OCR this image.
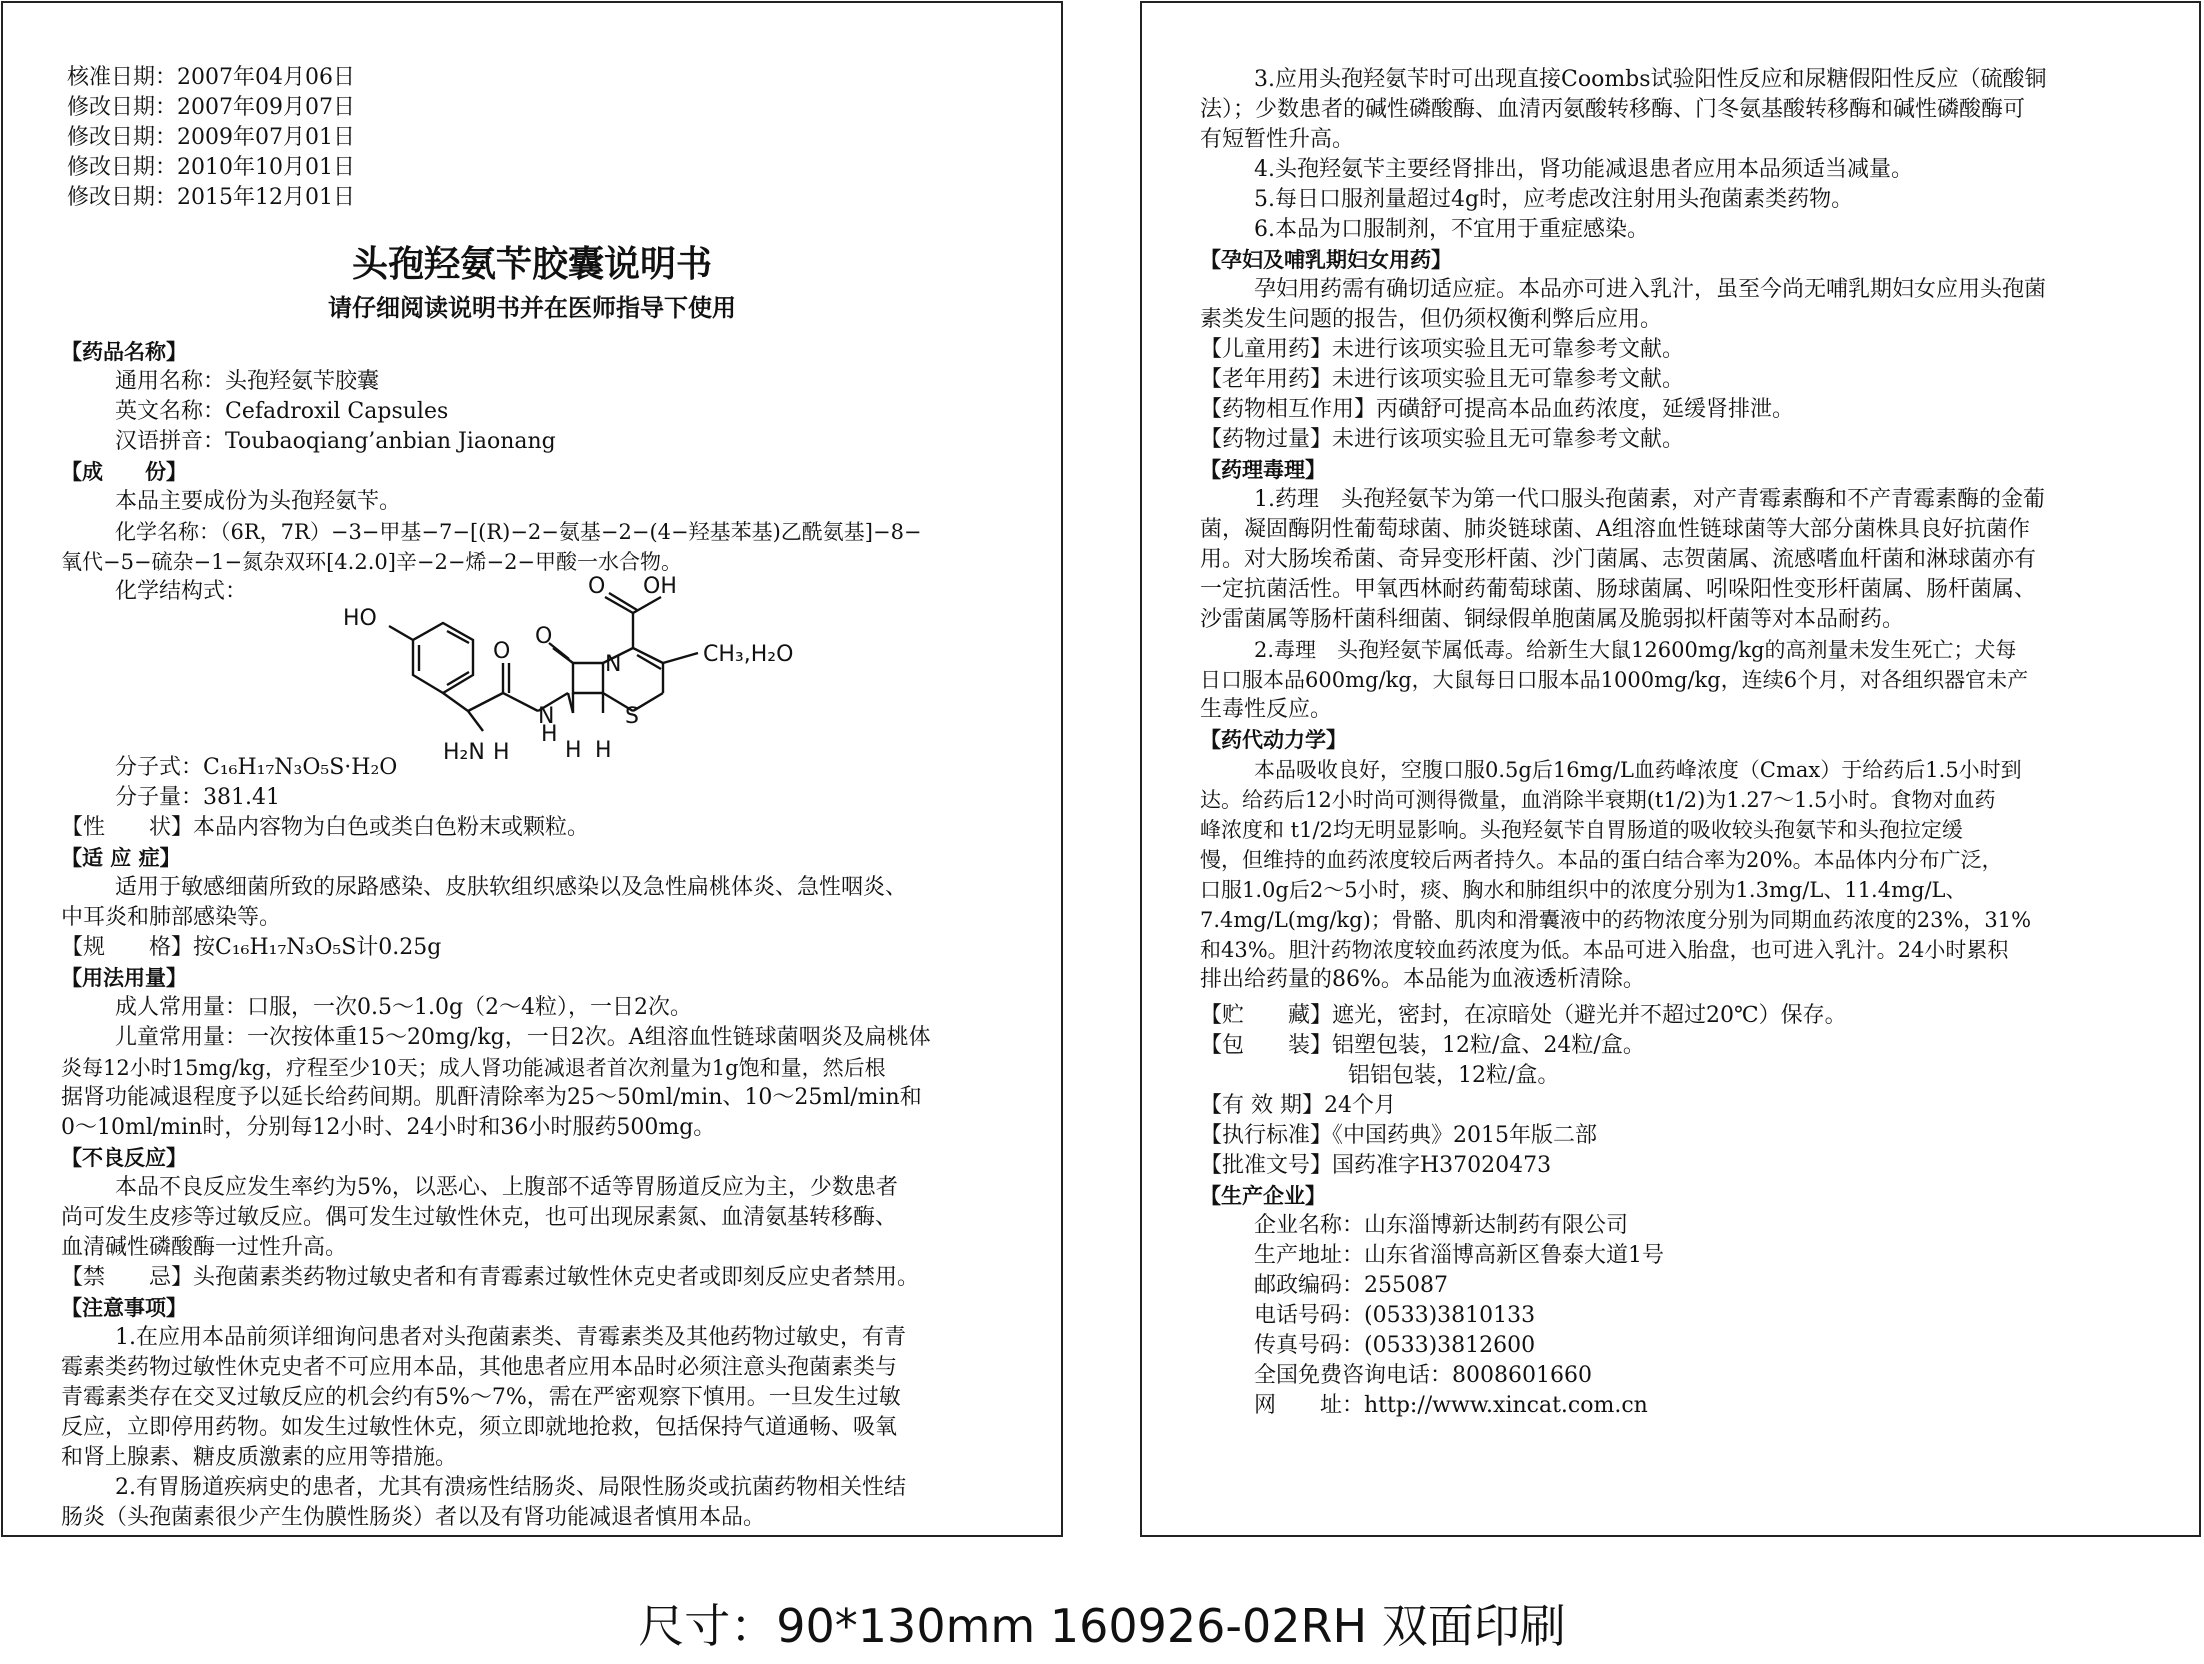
核准日期：2007年04月06日
修改日期：2007年09月07日
修改日期：2009年07月01日
修改日期：2010年10月01日
修改日期：2015年12月01日
头孢羟氨苄胶囊说明书
请仔细阅读说明书并在医师指导下使用
【药品名称】
通用名称：头孢羟氨苄胶囊
英文名称：Cefadroxil Capsules
汉语拼音：Toubaoqiang’anbian Jiaonang
【成　　份】
本品主要成份为头孢羟氨苄。
化学名称：（6R，7R）−3−甲基−7−[(R)−2−氨基−2−(4−羟基苯基)乙酰氨基]−8−
氧代−5−硫杂−1−氮杂双环[4.2.0]辛−2−烯−2−甲酸一水合物。
化学结构式：
HO
O OH
CH₃,H₂O
H₂N H
H
N
O
O
N
S
H H
分子式：C₁₆H₁₇N₃O₅S·H₂O
分子量：381.41
【性　　状】本品内容物为白色或类白色粉末或颗粒。
【适 应 症】
适用于敏感细菌所致的尿路感染、皮肤软组织感染以及急性扁桃体炎、急性咽炎、
中耳炎和肺部感染等。
【规　　格】按C₁₆H₁₇N₃O₅S计0.25g
【用法用量】
成人常用量：口服，一次0.5～1.0g（2～4粒），一日2次。
儿童常用量：一次按体重15～20mg/kg，一日2次。A组溶血性链球菌咽炎及扁桃体
炎每12小时15mg/kg，疗程至少10天；成人肾功能减退者首次剂量为1g饱和量，然后根
据肾功能减退程度予以延长给药间期。肌酐清除率为25～50ml/min、10～25ml/min和
0～10ml/min时，分别每12小时、24小时和36小时服药500mg。
【不良反应】
本品不良反应发生率约为5%，以恶心、上腹部不适等胃肠道反应为主，少数患者
尚可发生皮疹等过敏反应。偶可发生过敏性休克，也可出现尿素氮、血清氨基转移酶、
血清碱性磷酸酶一过性升高。
【禁　　忌】头孢菌素类药物过敏史者和有青霉素过敏性休克史者或即刻反应史者禁用。
【注意事项】
1.在应用本品前须详细询问患者对头孢菌素类、青霉素类及其他药物过敏史，有青
霉素类药物过敏性休克史者不可应用本品，其他患者应用本品时必须注意头孢菌素类与
青霉素类存在交叉过敏反应的机会约有5%～7%，需在严密观察下慎用。一旦发生过敏
反应，立即停用药物。如发生过敏性休克，须立即就地抢救，包括保持气道通畅、吸氧
和肾上腺素、糖皮质激素的应用等措施。
2.有胃肠道疾病史的患者，尤其有溃疡性结肠炎、局限性肠炎或抗菌药物相关性结
肠炎（头孢菌素很少产生伪膜性肠炎）者以及有肾功能减退者慎用本品。
3.应用头孢羟氨苄时可出现直接Coombs试验阳性反应和尿糖假阳性反应（硫酸铜
法）；少数患者的碱性磷酸酶、血清丙氨酸转移酶、门冬氨基酸转移酶和碱性磷酸酶可
有短暂性升高。
4.头孢羟氨苄主要经肾排出，肾功能减退患者应用本品须适当减量。
5.每日口服剂量超过4g时，应考虑改注射用头孢菌素类药物。
6.本品为口服制剂，不宜用于重症感染。
【孕妇及哺乳期妇女用药】
孕妇用药需有确切适应症。本品亦可进入乳汁，虽至今尚无哺乳期妇女应用头孢菌
素类发生问题的报告，但仍须权衡利弊后应用。
【儿童用药】未进行该项实验且无可靠参考文献。
【老年用药】未进行该项实验且无可靠参考文献。
【药物相互作用】丙磺舒可提高本品血药浓度，延缓肾排泄。
【药物过量】未进行该项实验且无可靠参考文献。
【药理毒理】
1.药理　头孢羟氨苄为第一代口服头孢菌素，对产青霉素酶和不产青霉素酶的金葡
菌，凝固酶阴性葡萄球菌、肺炎链球菌、A组溶血性链球菌等大部分菌株具良好抗菌作
用。对大肠埃希菌、奇异变形杆菌、沙门菌属、志贺菌属、流感嗜血杆菌和淋球菌亦有
一定抗菌活性。甲氧西林耐药葡萄球菌、肠球菌属、吲哚阳性变形杆菌属、肠杆菌属、
沙雷菌属等肠杆菌科细菌、铜绿假单胞菌属及脆弱拟杆菌等对本品耐药。
2.毒理　头孢羟氨苄属低毒。给新生大鼠12600mg/kg的高剂量未发生死亡；犬每
日口服本品600mg/kg，大鼠每日口服本品1000mg/kg，连续6个月，对各组织器官未产
生毒性反应。
【药代动力学】
本品吸收良好，空腹口服0.5g后16mg/L血药峰浓度（Cmax）于给药后1.5小时到
达。给药后12小时尚可测得微量，血消除半衰期(t1/2)为1.27～1.5小时。食物对血药
峰浓度和 t1/2均无明显影响。头孢羟氨苄自胃肠道的吸收较头孢氨苄和头孢拉定缓
慢，但维持的血药浓度较后两者持久。本品的蛋白结合率为20%。本品体内分布广泛，
口服1.0g后2～5小时，痰、胸水和肺组织中的浓度分别为1.3mg/L、11.4mg/L、
7.4mg/L(mg/kg)；骨骼、肌肉和滑囊液中的药物浓度分别为同期血药浓度的23%，31%
和43%。胆汁药物浓度较血药浓度为低。本品可进入胎盘，也可进入乳汁。24小时累积
排出给药量的86%。本品能为血液透析清除。
【贮　　藏】遮光，密封，在凉暗处（避光并不超过20℃）保存。
【包　　装】铝塑包装，12粒/盒、24粒/盒。
铝铝包装，12粒/盒。
【有 效 期】24个月
【执行标准】《中国药典》2015年版二部
【批准文号】国药准字H37020473
【生产企业】
企业名称：山东淄博新达制药有限公司
生产地址：山东省淄博高新区鲁泰大道1号
邮政编码：255087
电话号码：(0533)3810133
传真号码：(0533)3812600
全国免费咨询电话：8008601660
网　　址：http://www.xincat.com.cn
尺寸：90*130mm 160926-02RH 双面印刷
